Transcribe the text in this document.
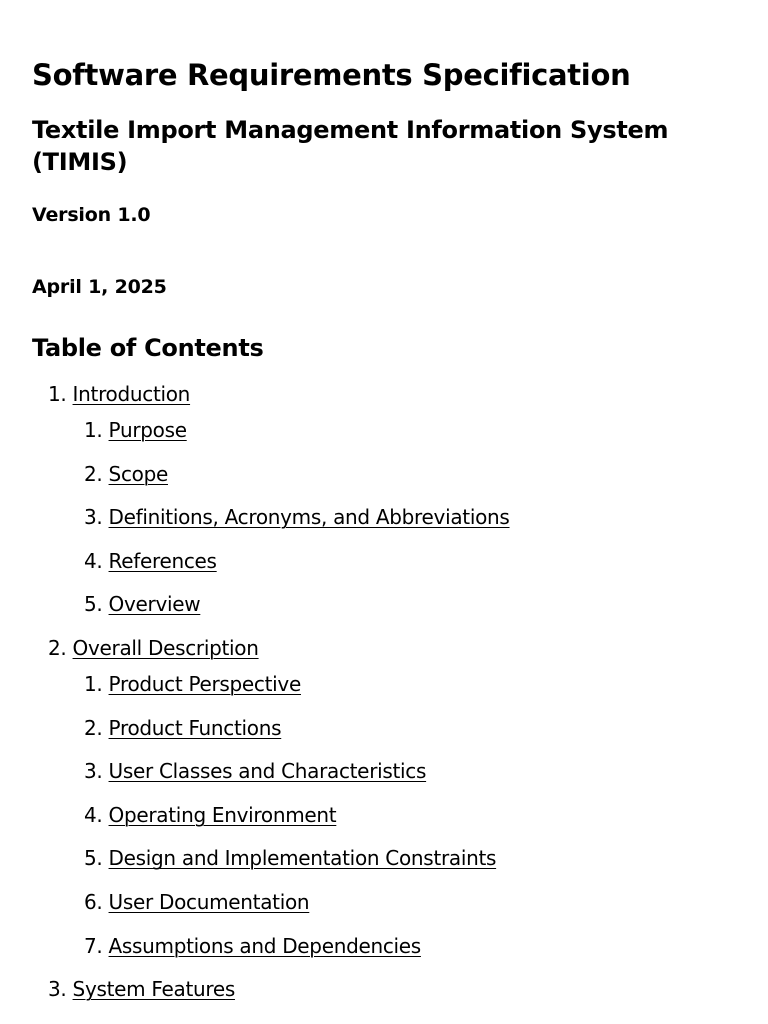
Software Requirements Specification
Textile Import Management Information System (TIMIS)

Version 1.0

April 1, 2025

Table of Contents
1. Introduction
1. Purpose
2. Scope
3. Definitions, Acronyms, and Abbreviations
4. References
5. Overview
2. Overall Description
1. Product Perspective
2. Product Functions
3. User Classes and Characteristics
4. Operating Environment
5. Design and Implementation Constraints
6. User Documentation
7. Assumptions and Dependencies
3. System Features
